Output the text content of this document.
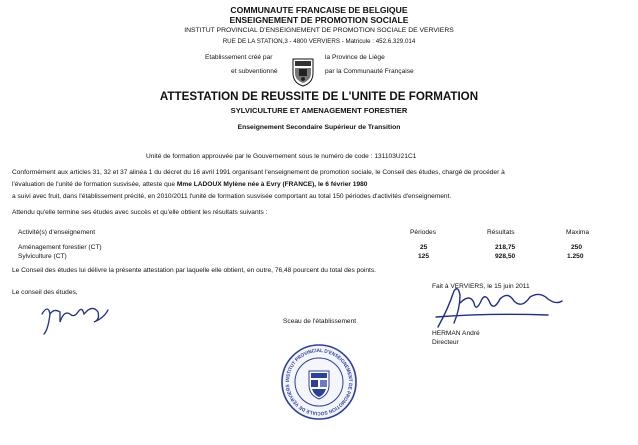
COMMUNAUTE FRANCAISE DE BELGIQUE
ENSEIGNEMENT DE PROMOTION SOCIALE
INSTITUT PROVINCIAL D'ENSEIGNEMENT DE PROMOTION SOCIALE DE VERVIERS
RUE DE LA STATION,3 - 4800 VERVIERS - Matricule : 452.6.329.014
Etablissement créé par	la Province de Liège
et subventionné	par la Communauté Française
ATTESTATION DE REUSSITE DE L'UNITE DE FORMATION
SYLVICULTURE ET AMENAGEMENT FORESTIER
Enseignement Secondaire Supérieur de Transition
Unité de formation approuvée par le Gouvernement sous le numéro de code : 131103U21C1
Conformément aux articles 31, 32 et 37 alinéa 1 du décret du 16 avril 1991 organisant l'enseignement de promotion sociale, le Conseil des études, chargé de procéder à
l'évaluation de l'unité de formation susvisée, atteste que Mme LADOUX Mylène née à Evry (FRANCE), le 6 février 1980
a suivi avec fruit, dans l'établissement précité, en 2010/2011 l'unité de formation susvisée comportant au total 150 périodes d'activités d'enseignement.
Attendu qu'elle termine ses études avec succès et qu'elle obtient les résultats suivants :
Activité(s) d'enseignement	Périodes	Résultats	Maxima
Aménagement forestier (CT)	25	218,75	250
Sylviculture (CT)	125	928,50	1.250
Le Conseil des études lui délivre la présente attestation par laquelle elle obtient, en outre, 76,48 pourcent du total des points.
Fait à VERVIERS, le 15 juin 2011
Le conseil des études,
Sceau de l'établissement
HERMAN André
Directeur
INSTITUT PROVINCIAL D'ENSEIGNEMENT DE PROMOTION SOCIALE DE VERVIERS
